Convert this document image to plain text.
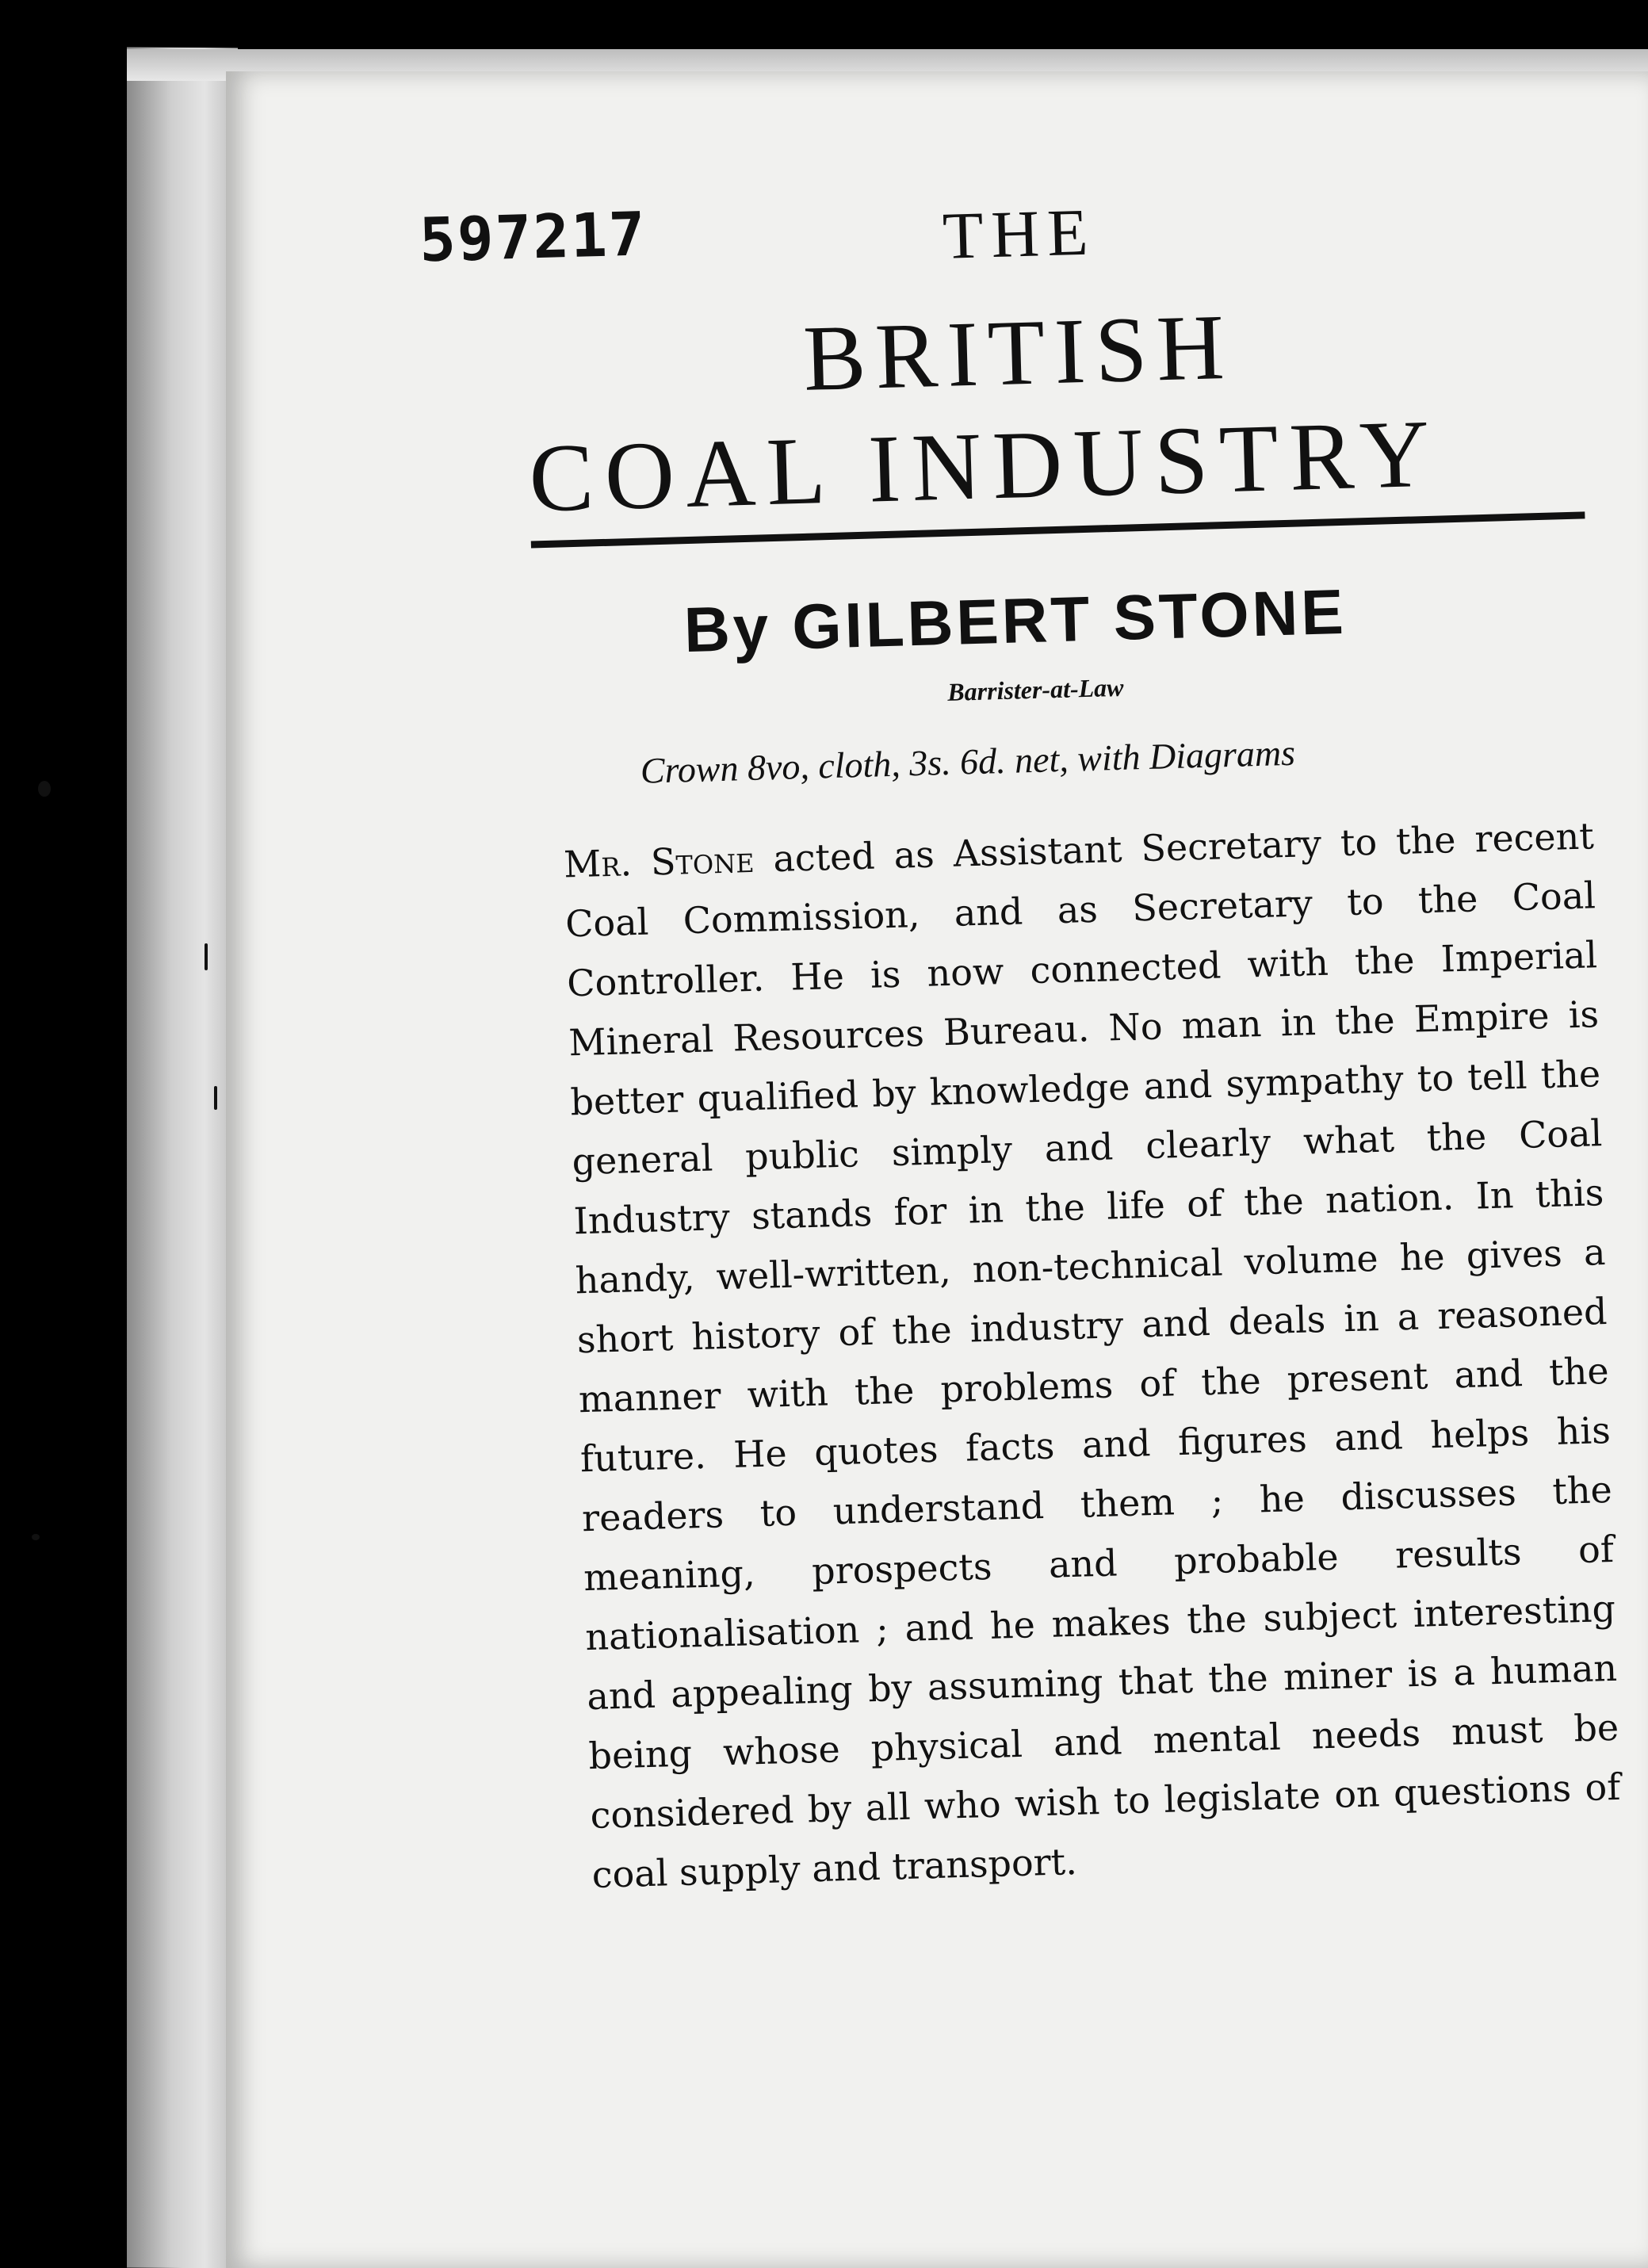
597217	THE
BRITISH
COAL INDUSTRY
By GILBERT STONE
Barrister-at-Law
Crown 8vo, cloth, 3s. 6d. net, with Diagrams
Mr. Stone acted as Assistant Secretary to the recent Coal Commission, and as Secretary to the Coal Controller. He is now connected with the Imperial Mineral Resources Bureau. No man in the Empire is better qualified by knowledge and sympathy to tell the general public simply and clearly what the Coal Industry stands for in the life of the nation. In this handy, well-written, non-technical volume he gives a short history of the industry and deals in a reasoned manner with the problems of the present and the future. He quotes facts and figures and helps his readers to understand them ; he discusses the meaning, prospects and probable results of nationalisation ; and he makes the subject interesting and appealing by assuming that the miner is a human being whose physical and mental needs must be considered by all who wish to legislate on questions of coal supply and transport.
